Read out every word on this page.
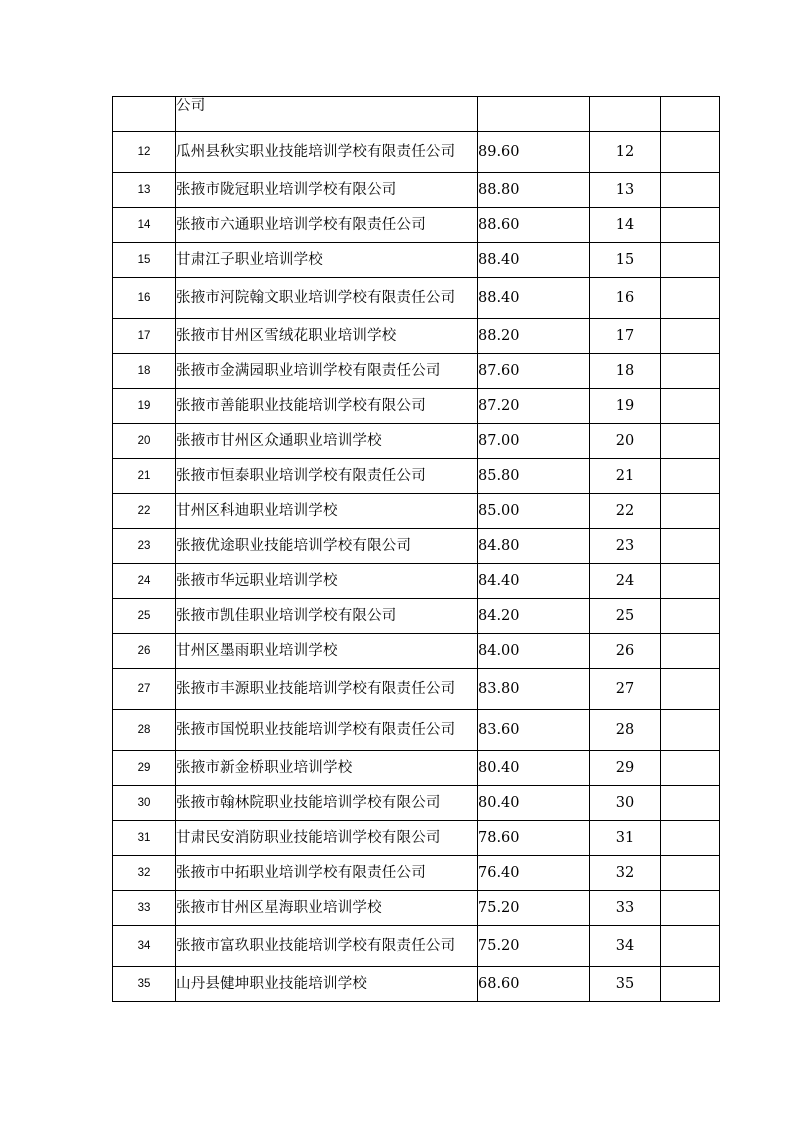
	公司			
12	瓜州县秋实职业技能培训学校有限责任公司	89.60	12	
13	张掖市陇冠职业培训学校有限公司	88.80	13	
14	张掖市六通职业培训学校有限责任公司	88.60	14	
15	甘肃江子职业培训学校	88.40	15	
16	张掖市河院翰文职业培训学校有限责任公司	88.40	16	
17	张掖市甘州区雪绒花职业培训学校	88.20	17	
18	张掖市金满园职业培训学校有限责任公司	87.60	18	
19	张掖市善能职业技能培训学校有限公司	87.20	19	
20	张掖市甘州区众通职业培训学校	87.00	20	
21	张掖市恒泰职业培训学校有限责任公司	85.80	21	
22	甘州区科迪职业培训学校	85.00	22	
23	张掖优途职业技能培训学校有限公司	84.80	23	
24	张掖市华远职业培训学校	84.40	24	
25	张掖市凯佳职业培训学校有限公司	84.20	25	
26	甘州区墨雨职业培训学校	84.00	26	
27	张掖市丰源职业技能培训学校有限责任公司	83.80	27	
28	张掖市国悦职业技能培训学校有限责任公司	83.60	28	
29	张掖市新金桥职业培训学校	80.40	29	
30	张掖市翰林院职业技能培训学校有限公司	80.40	30	
31	甘肃民安消防职业技能培训学校有限公司	78.60	31	
32	张掖市中拓职业培训学校有限责任公司	76.40	32	
33	张掖市甘州区星海职业培训学校	75.20	33	
34	张掖市富玖职业技能培训学校有限责任公司	75.20	34	
35	山丹县健坤职业技能培训学校	68.60	35	
